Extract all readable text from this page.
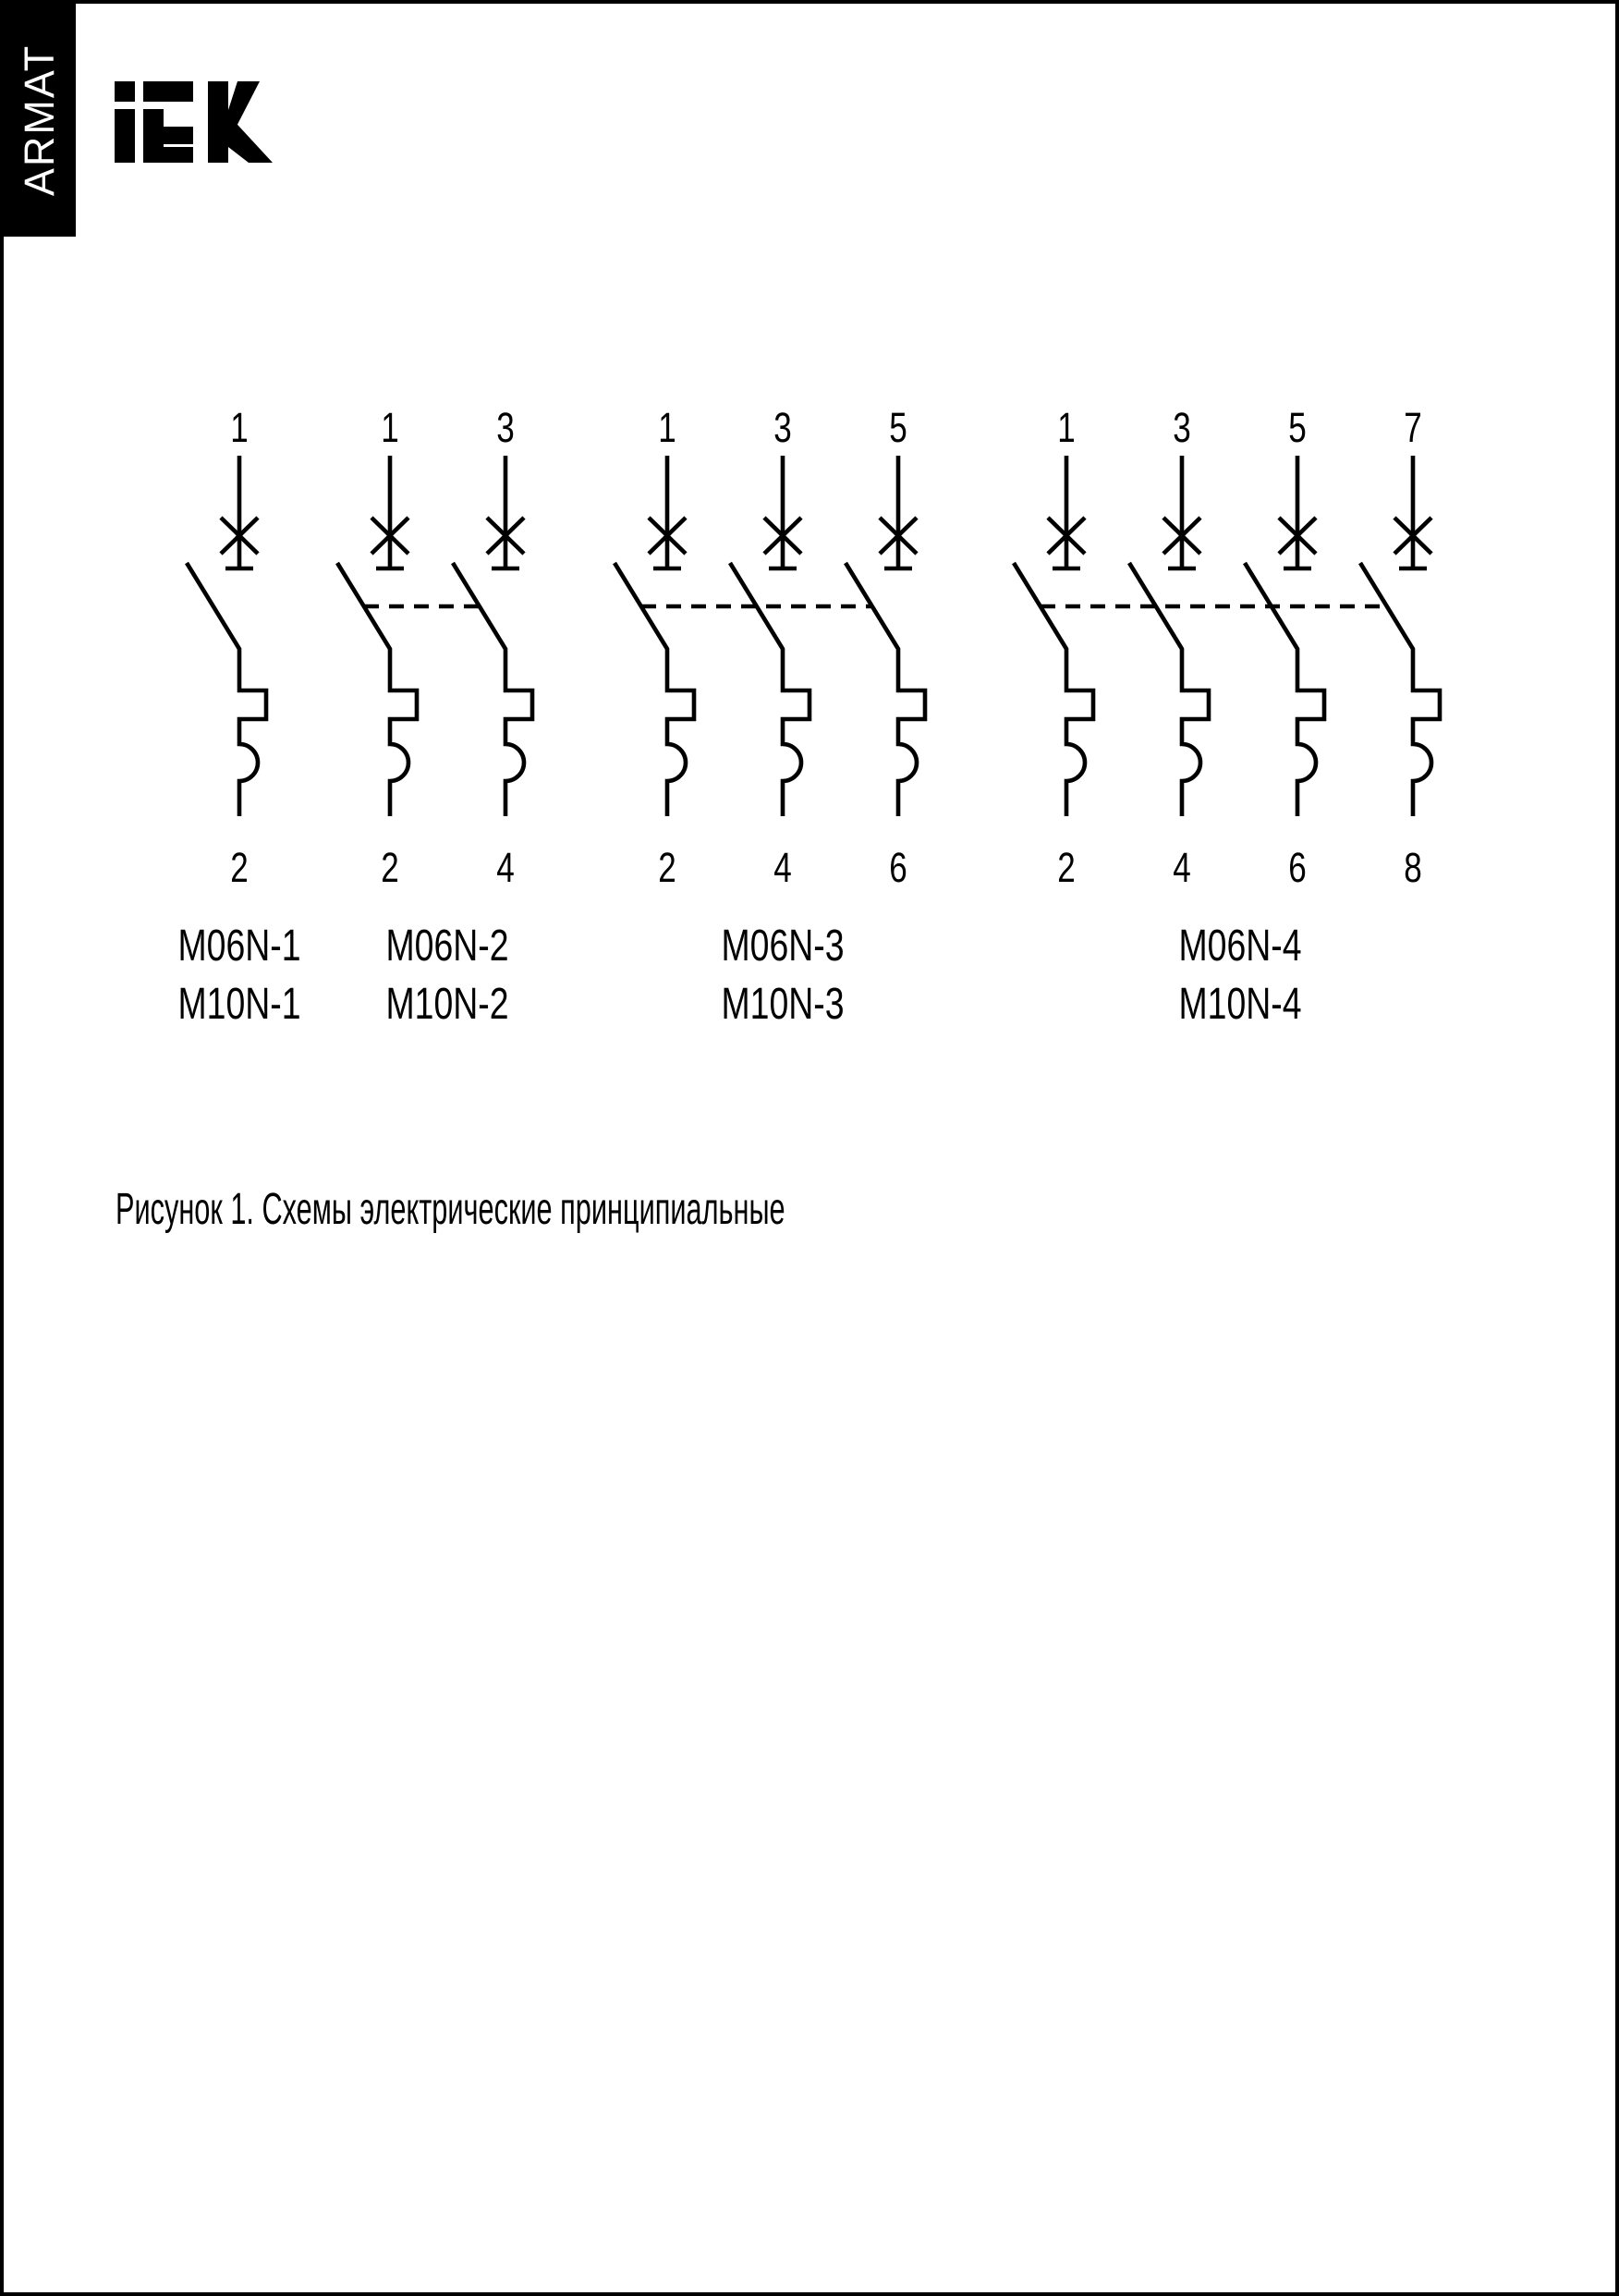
ARMAT
1
2
1 3
2 4
1 3 5
2 4 6
1 3 5 7
2 4 6 8
M06N-1
M10N-1
M06N-2
M10N-2
M06N-3
M10N-3
M06N-4
M10N-4
Рисунок 1. Схемы электрические принципиальные
